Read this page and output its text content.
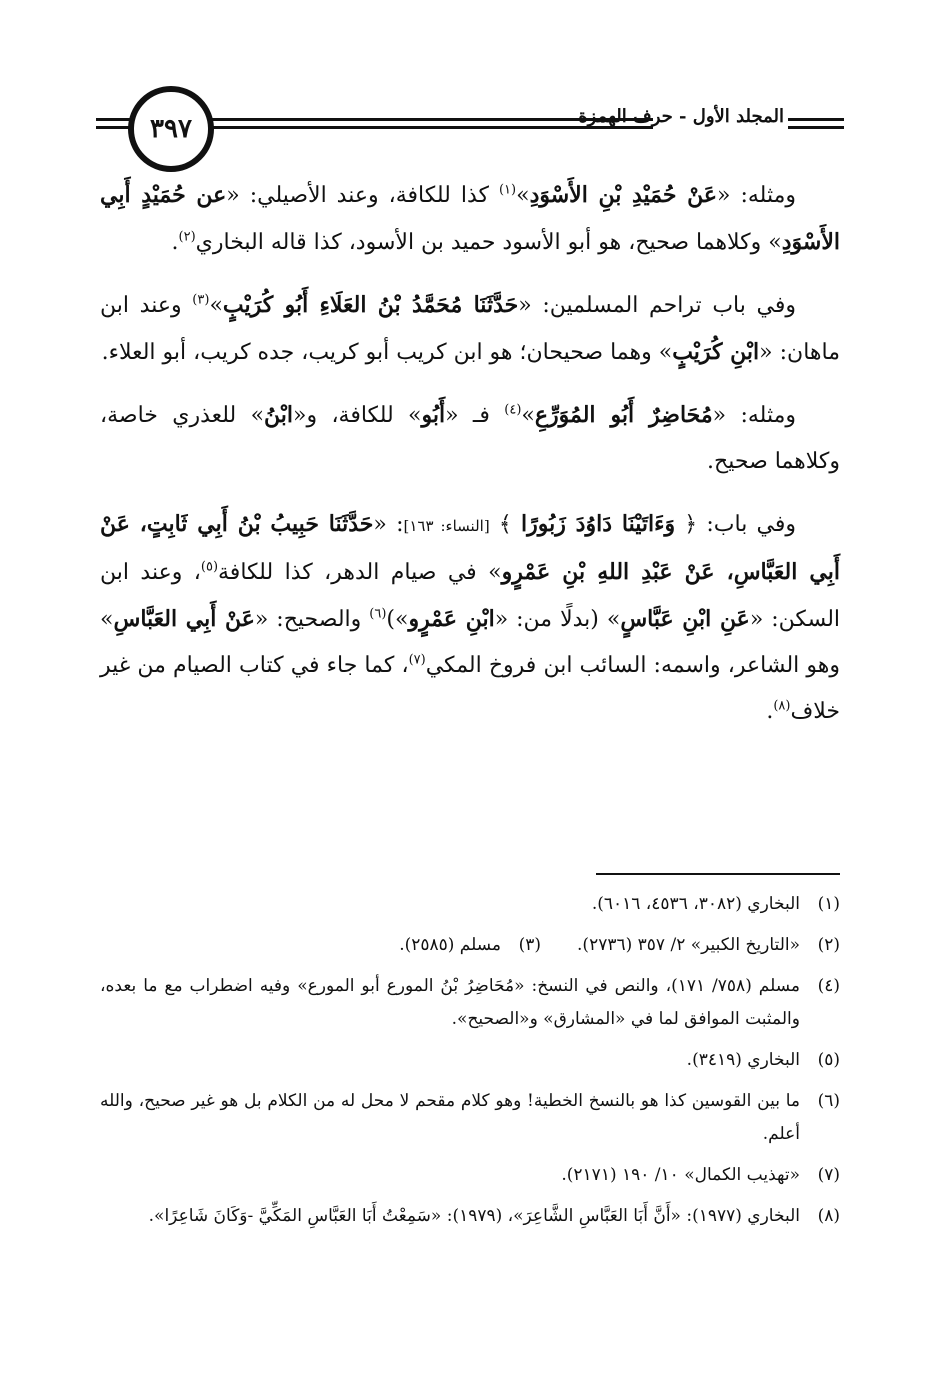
٣٩٧	المجلد الأول - حرف الهمزة

ومثله: «عَنْ حُمَيْدِ بْنِ الأَسْوَدِ»$^{(١)}$ كذا للكافة، وعند الأصيلي: «عن حُمَيْدٍ أَبِي الأَسْوَدِ» وكلاهما صحيح، هو أبو الأسود حميد بن الأسود، كذا قاله البخاري$^{(٢)}$.

وفي باب تراحم المسلمين: «حَدَّثَنَا مُحَمَّدُ بْنُ العَلَاءِ أَبُو كُرَيْبٍ»$^{(٣)}$ وعند ابن ماهان: «ابْنِ كُرَيْبٍ» وهما صحيحان؛ هو ابن كريب أبو كريب، جده كريب، أبو العلاء.

ومثله: «مُحَاضِرٌ أَبُو المُوَرِّعِ»$^{(٤)}$ فـ «أَبُو» للكافة، و«ابْنُ» للعذري خاصة، وكلاهما صحيح.

وفي باب: ﴿ وَءَاتَيْنَا دَاوُدَ زَبُورًا ﴾ [النساء: ١٦٣]: «حَدَّثَنَا حَبِيبُ بْنُ أَبِي ثَابِتٍ، عَنْ أَبِي العَبَّاسِ، عَنْ عَبْدِ اللهِ بْنِ عَمْرٍو» في صيام الدهر، كذا للكافة$^{(٥)}$، وعند ابن السكن: «عَنِ ابْنِ عَبَّاسٍ» (بدلًا من: «ابْنِ عَمْرٍو»)$^{(٦)}$ والصحيح: «عَنْ أَبِي العَبَّاسِ» وهو الشاعر، واسمه: السائب ابن فروخ المكي$^{(٧)}$، كما جاء في كتاب الصيام من غير خلاف$^{(٨)}$.

(١)
البخاري (٣٠٨٢، ٤٥٣٦، ٦٠١٦).
(٢)
«التاريخ الكبير» ٢/ ٣٥٧ (٢٧٣٦).
(٣)
مسلم (٢٥٨٥).
(٤)
مسلم (٧٥٨/ ١٧١)، والنص في النسخ: «مُحَاضِرُ بْنُ المورع أبو المورع» وفيه اضطراب مع ما بعده، والمثبت الموافق لما في «المشارق» و«الصحيح».
(٥)
البخاري (٣٤١٩).
(٦)
ما بين القوسين كذا هو بالنسخ الخطية! وهو كلام مقحم لا محل له من الكلام بل هو غير صحيح، والله أعلم.
(٧)
«تهذيب الكمال» ١٠/ ١٩٠ (٢١٧١).
(٨)
البخاري (١٩٧٧): «أَنَّ أَبَا العَبَّاسِ الشَّاعِرَ»، (١٩٧٩): «سَمِعْتُ أَبَا العَبَّاسِ المَكِّيَّ -وَكَانَ شَاعِرًا».
